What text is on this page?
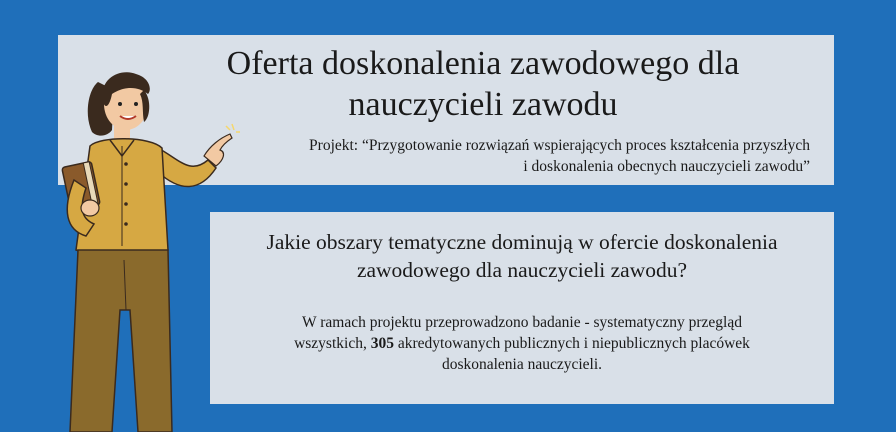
Oferta doskonalenia zawodowego dla
nauczycieli zawodu
Projekt: “Przygotowanie rozwiązań wspierających proces kształcenia przyszłych
i doskonalenia obecnych nauczycieli zawodu”
Jakie obszary tematyczne dominują w ofercie doskonalenia
zawodowego dla nauczycieli zawodu?
W ramach projektu przeprowadzono badanie - systematyczny przegląd
wszystkich, 305 akredytowanych publicznych i niepublicznych placówek
doskonalenia nauczycieli.
